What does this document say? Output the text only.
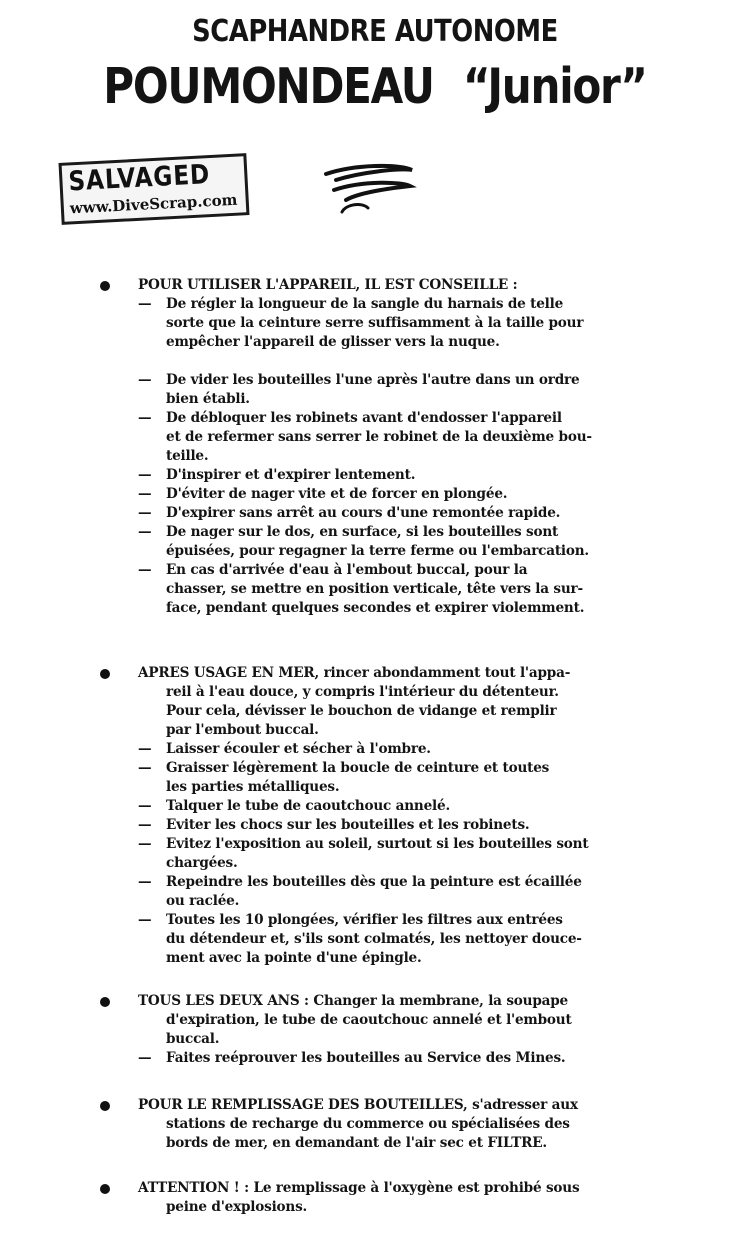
SCAPHANDRE AUTONOME
POUMONDEAU “Junior”
SALVAGED
www.DiveScrap.com
POUR UTILISER L'APPAREIL, IL EST CONSEILLE :
— De régler la longueur de la sangle du harnais de telle
sorte que la ceinture serre suffisamment à la taille pour
empêcher l'appareil de glisser vers la nuque.
— De vider les bouteilles l'une après l'autre dans un ordre
bien établi.
— De débloquer les robinets avant d'endosser l'appareil
et de refermer sans serrer le robinet de la deuxième bou-
teille.
— D'inspirer et d'expirer lentement.
— D'éviter de nager vite et de forcer en plongée.
— D'expirer sans arrêt au cours d'une remontée rapide.
— De nager sur le dos, en surface, si les bouteilles sont
épuisées, pour regagner la terre ferme ou l'embarcation.
— En cas d'arrivée d'eau à l'embout buccal, pour la
chasser, se mettre en position verticale, tête vers la sur-
face, pendant quelques secondes et expirer violemment.
APRES USAGE EN MER, rincer abondamment tout l'appa-
reil à l'eau douce, y compris l'intérieur du détenteur.
Pour cela, dévisser le bouchon de vidange et remplir
par l'embout buccal.
— Laisser écouler et sécher à l'ombre.
— Graisser légèrement la boucle de ceinture et toutes
les parties métalliques.
— Talquer le tube de caoutchouc annelé.
— Eviter les chocs sur les bouteilles et les robinets.
— Evitez l'exposition au soleil, surtout si les bouteilles sont
chargées.
— Repeindre les bouteilles dès que la peinture est écaillée
ou raclée.
— Toutes les 10 plongées, vérifier les filtres aux entrées
du détendeur et, s'ils sont colmatés, les nettoyer douce-
ment avec la pointe d'une épingle.
TOUS LES DEUX ANS : Changer la membrane, la soupape
d'expiration, le tube de caoutchouc annelé et l'embout
buccal.
— Faites reéprouver les bouteilles au Service des Mines.
POUR LE REMPLISSAGE DES BOUTEILLES, s'adresser aux
stations de recharge du commerce ou spécialisées des
bords de mer, en demandant de l'air sec et FILTRE.
ATTENTION ! : Le remplissage à l'oxygène est prohibé sous
peine d'explosions.
